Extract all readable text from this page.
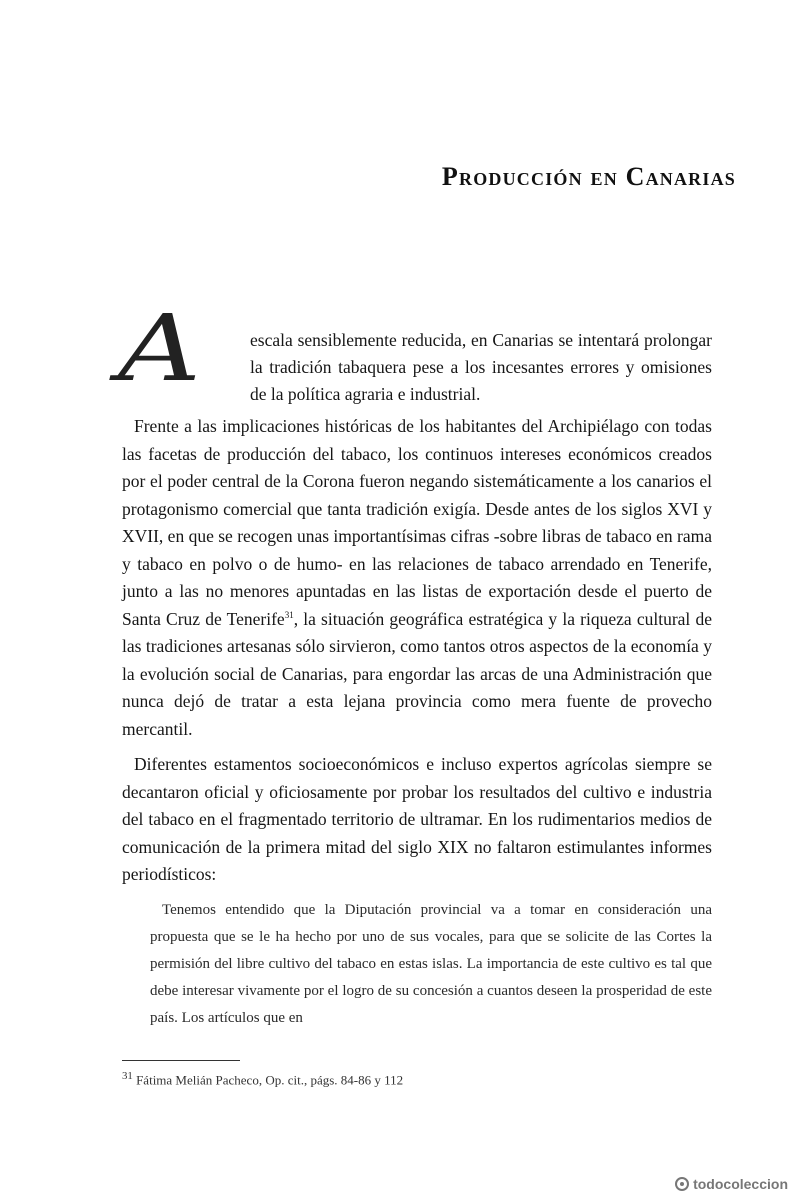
Producción en Canarias
A	escala sensiblemente reducida, en Canarias se intentará prolongar la tradición tabaquera pese a los incesantes errores y omisiones de la política agraria e industrial.

Frente a las implicaciones históricas de los habitantes del Archipiélago con todas las facetas de producción del tabaco, los continuos intereses económicos creados por el poder central de la Corona fueron negando sistemáticamente a los canarios el protagonismo comercial que tanta tradición exigía. Desde antes de los siglos XVI y XVII, en que se recogen unas importantísimas cifras -sobre libras de tabaco en rama y tabaco en polvo o de humo- en las relaciones de tabaco arrendado en Tenerife, junto a las no menores apuntadas en las listas de exportación desde el puerto de Santa Cruz de Tenerife$^{31}$, la situación geográfica estratégica y la riqueza cultural de las tradiciones artesanas sólo sirvieron, como tantos otros aspectos de la economía y la evolución social de Canarias, para engordar las arcas de una Administración que nunca dejó de tratar a esta lejana provincia como mera fuente de provecho mercantil.

Diferentes estamentos socioeconómicos e incluso expertos agrícolas siempre se decantaron oficial y oficiosamente por probar los resultados del cultivo e industria del tabaco en el fragmentado territorio de ultramar. En los rudimentarios medios de comunicación de la primera mitad del siglo XIX no faltaron estimulantes informes periodísticos:

Tenemos entendido que la Diputación provincial va a tomar en consideración una propuesta que se le ha hecho por uno de sus vocales, para que se solicite de las Cortes la permisión del libre cultivo del tabaco en estas islas. La importancia de este cultivo es tal que debe interesar vivamente por el logro de su concesión a cuantos deseen la prosperidad de este país. Los artículos que en

$^{31}$ Fátima Melián Pacheco, Op. cit., págs. 84-86 y 112

todocoleccion
